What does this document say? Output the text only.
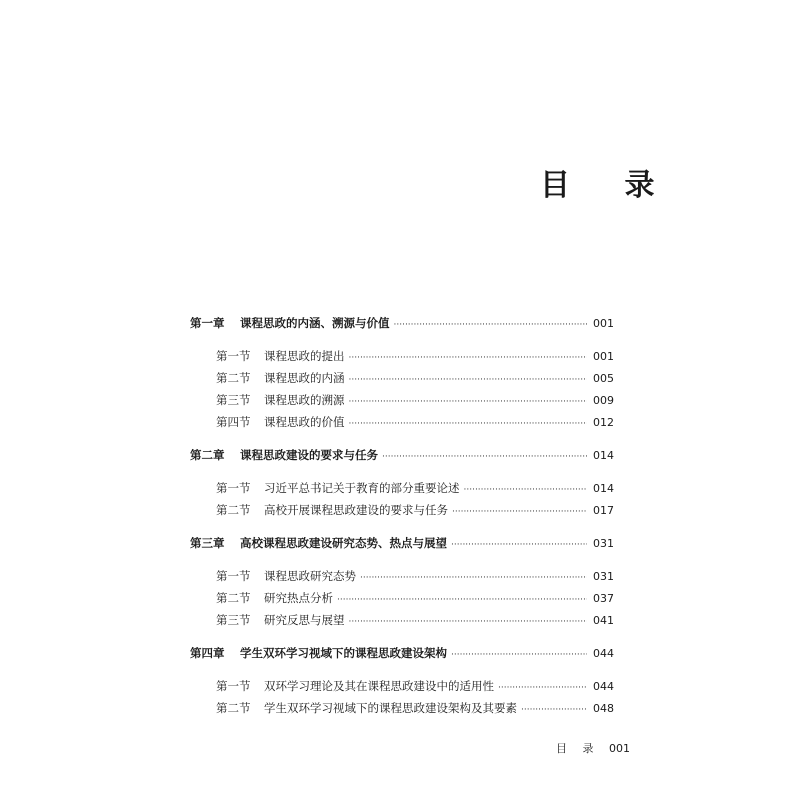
目 录
第一章	课程思政的内涵、溯源与价值 ·····	001
第一节	课程思政的提出 ·····	001
第二节	课程思政的内涵 ·····	005
第三节	课程思政的溯源 ·····	009
第四节	课程思政的价值 ·····	012
第二章	课程思政建设的要求与任务 ·····	014
第一节	习近平总书记关于教育的部分重要论述 ·····	014
第二节	高校开展课程思政建设的要求与任务 ·····	017
第三章	高校课程思政建设研究态势、热点与展望 ·····	031
第一节	课程思政研究态势 ·····	031
第二节	研究热点分析 ·····	037
第三节	研究反思与展望 ·····	041
第四章	学生双环学习视域下的课程思政建设架构 ·····	044
第一节	双环学习理论及其在课程思政建设中的适用性 ·····	044
第二节	学生双环学习视域下的课程思政建设架构及其要素 ·····	048
目 录 001
